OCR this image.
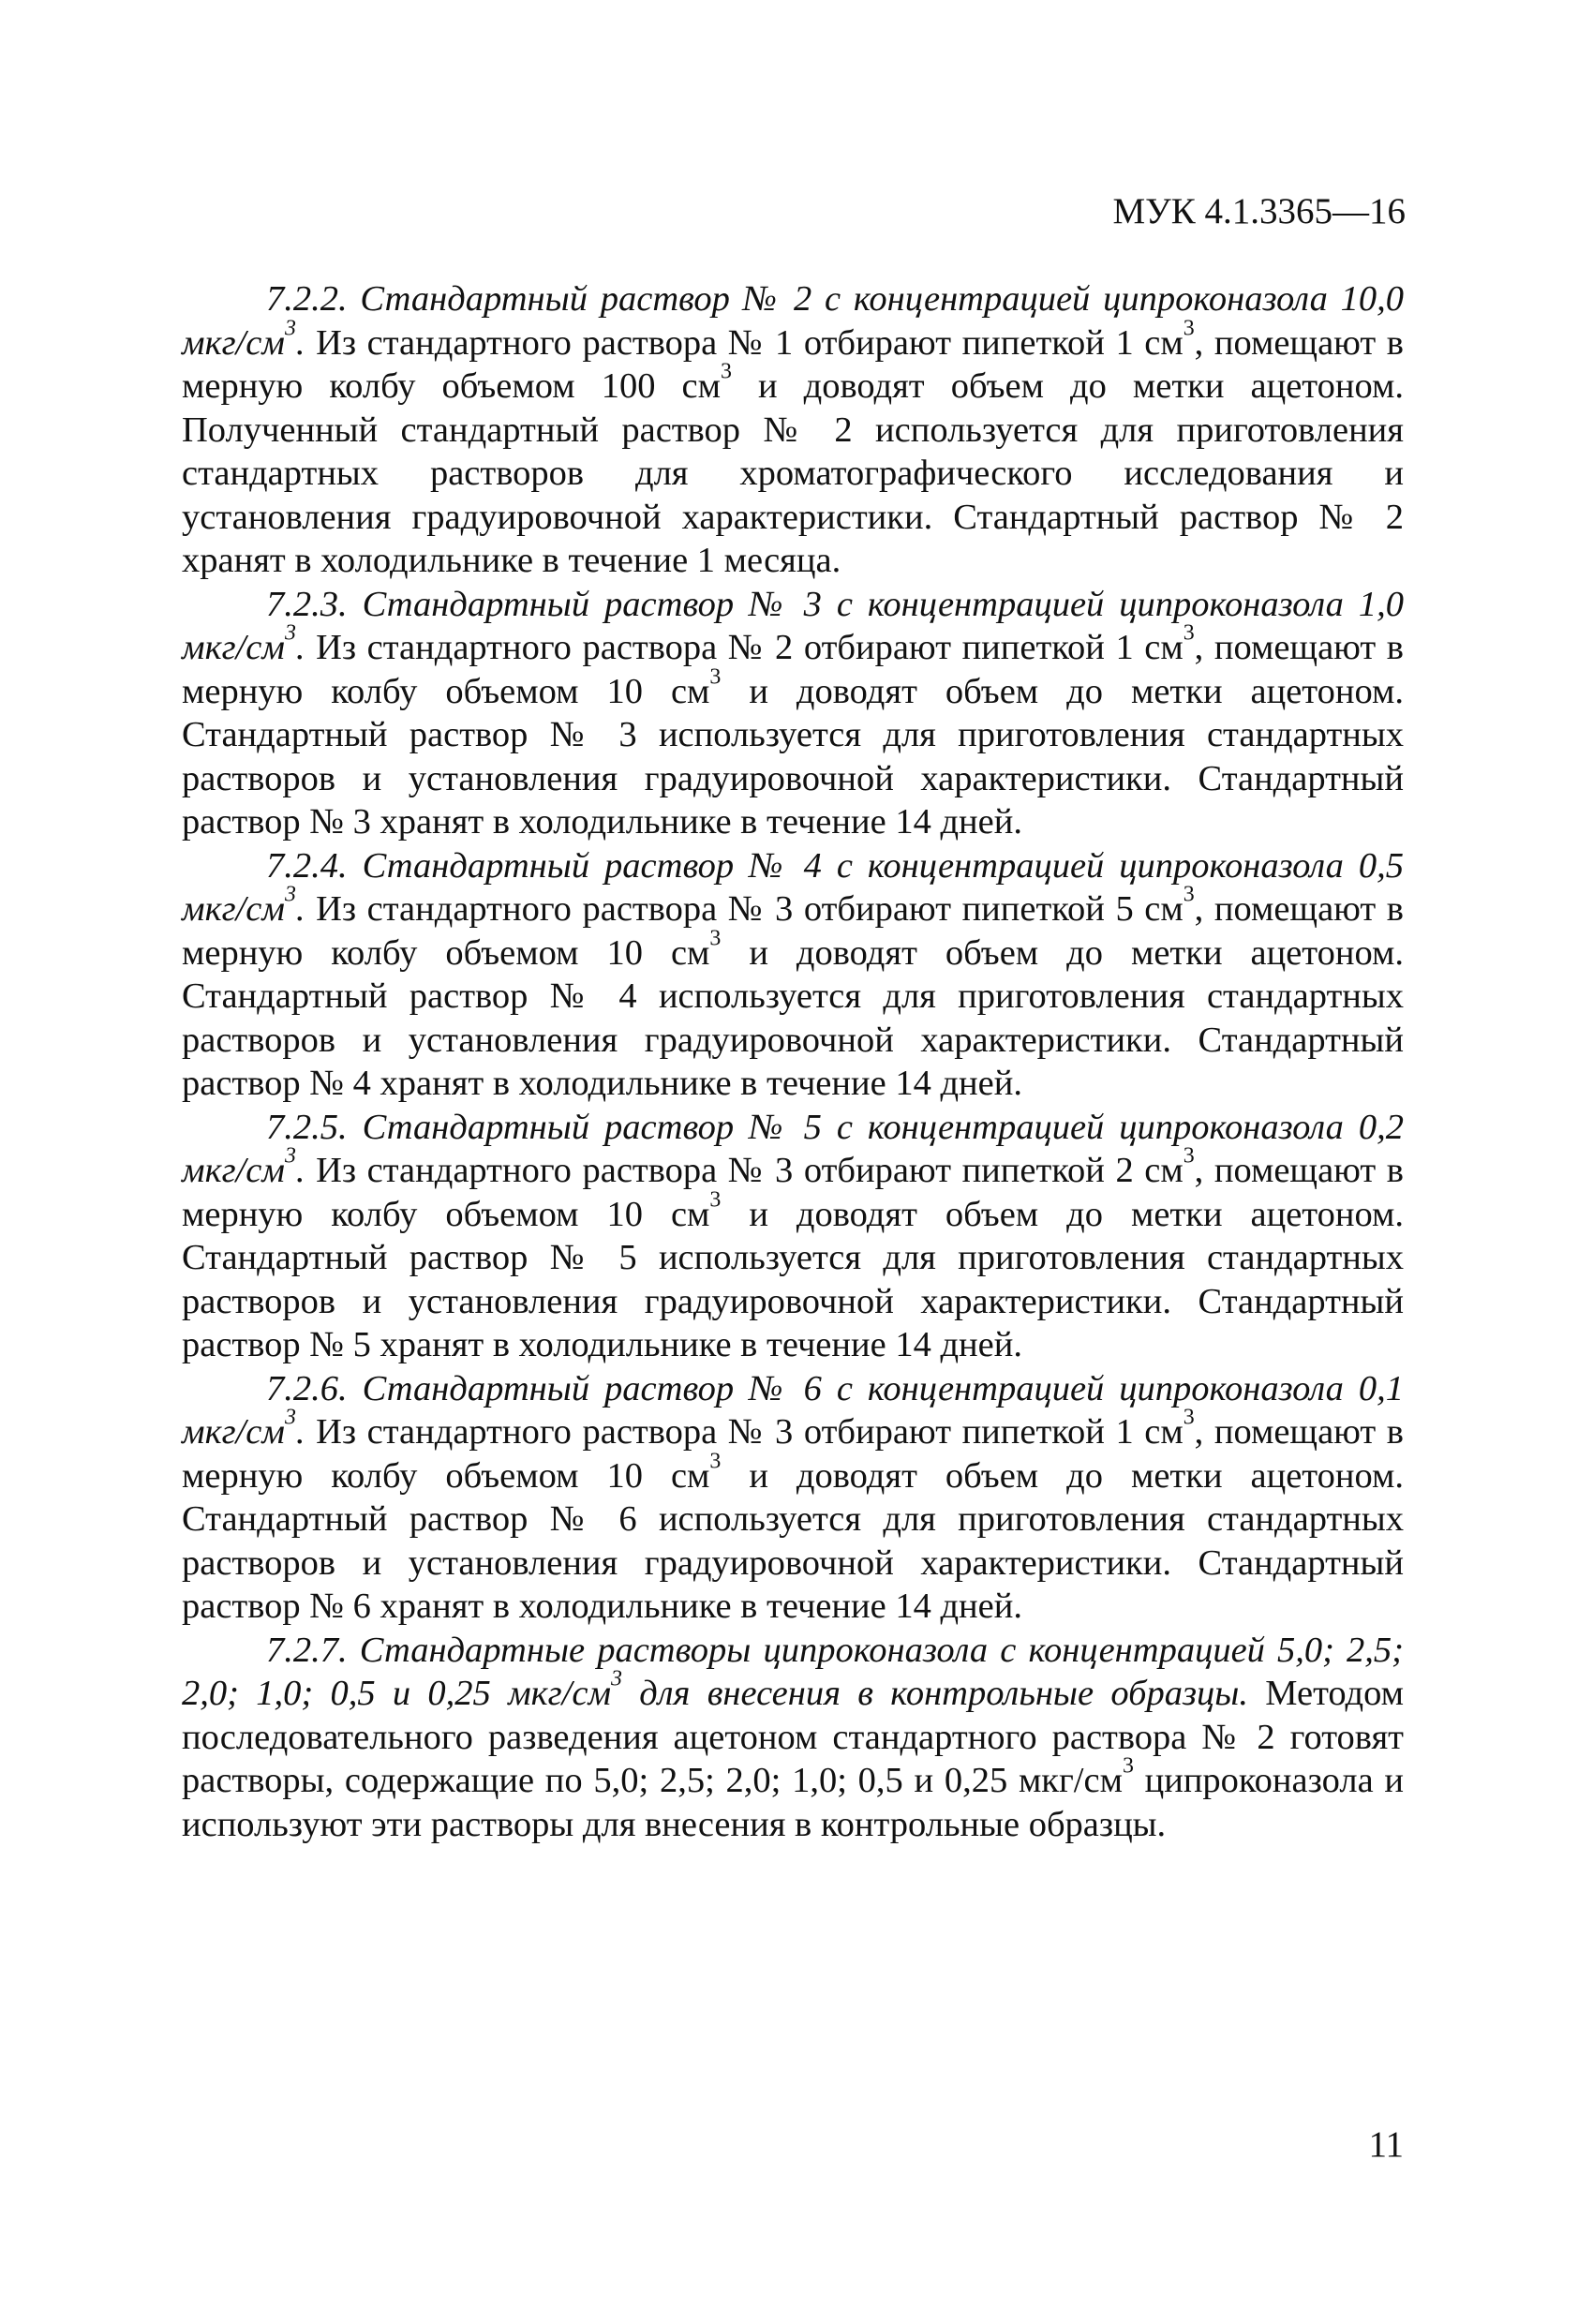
МУК 4.1.3365—16

7.2.2. Стандартный раствор № 2 с концентрацией ципроконазола 10,0 мкг/$см^3$. Из стандартного раствора № 1 отбирают пипеткой 1 $см^3$, помещают в мерную колбу объемом 100 $см^3$ и доводят объем до метки ацетоном. Полученный стандартный раствор № 2 используется для приготовления стандартных растворов для хроматографического исследования и установления градуировочной характеристики. Стандартный раствор № 2 хранят в холодильнике в течение 1 месяца.

7.2.3. Стандартный раствор № 3 с концентрацией ципроконазола 1,0 мкг/$см^3$. Из стандартного раствора № 2 отбирают пипеткой 1 $см^3$, помещают в мерную колбу объемом 10 $см^3$ и доводят объем до метки ацетоном. Стандартный раствор № 3 используется для приготовления стандартных растворов и установления градуировочной характеристики. Стандартный раствор № 3 хранят в холодильнике в течение 14 дней.

7.2.4. Стандартный раствор № 4 с концентрацией ципроконазола 0,5 мкг/$см^3$. Из стандартного раствора № 3 отбирают пипеткой 5 $см^3$, помещают в мерную колбу объемом 10 $см^3$ и доводят объем до метки ацетоном. Стандартный раствор № 4 используется для приготовления стандартных растворов и установления градуировочной характеристики. Стандартный раствор № 4 хранят в холодильнике в течение 14 дней.

7.2.5. Стандартный раствор № 5 с концентрацией ципроконазола 0,2 мкг/$см^3$. Из стандартного раствора № 3 отбирают пипеткой 2 $см^3$, помещают в мерную колбу объемом 10 $см^3$ и доводят объем до метки ацетоном. Стандартный раствор № 5 используется для приготовления стандартных растворов и установления градуировочной характеристики. Стандартный раствор № 5 хранят в холодильнике в течение 14 дней.

7.2.6. Стандартный раствор № 6 с концентрацией ципроконазола 0,1 мкг/$см^3$. Из стандартного раствора № 3 отбирают пипеткой 1 $см^3$, помещают в мерную колбу объемом 10 $см^3$ и доводят объем до метки ацетоном. Стандартный раствор № 6 используется для приготовления стандартных растворов и установления градуировочной характеристики. Стандартный раствор № 6 хранят в холодильнике в течение 14 дней.

7.2.7. Стандартные растворы ципроконазола с концентрацией 5,0; 2,5; 2,0; 1,0; 0,5 и 0,25 мкг/$см^3$ для внесения в контрольные образцы. Методом последовательного разведения ацетоном стандартного раствора № 2 готовят растворы, содержащие по 5,0; 2,5; 2,0; 1,0; 0,5 и 0,25 мкг/$см^3$ ципроконазола и используют эти растворы для внесения в контрольные образцы.

11
